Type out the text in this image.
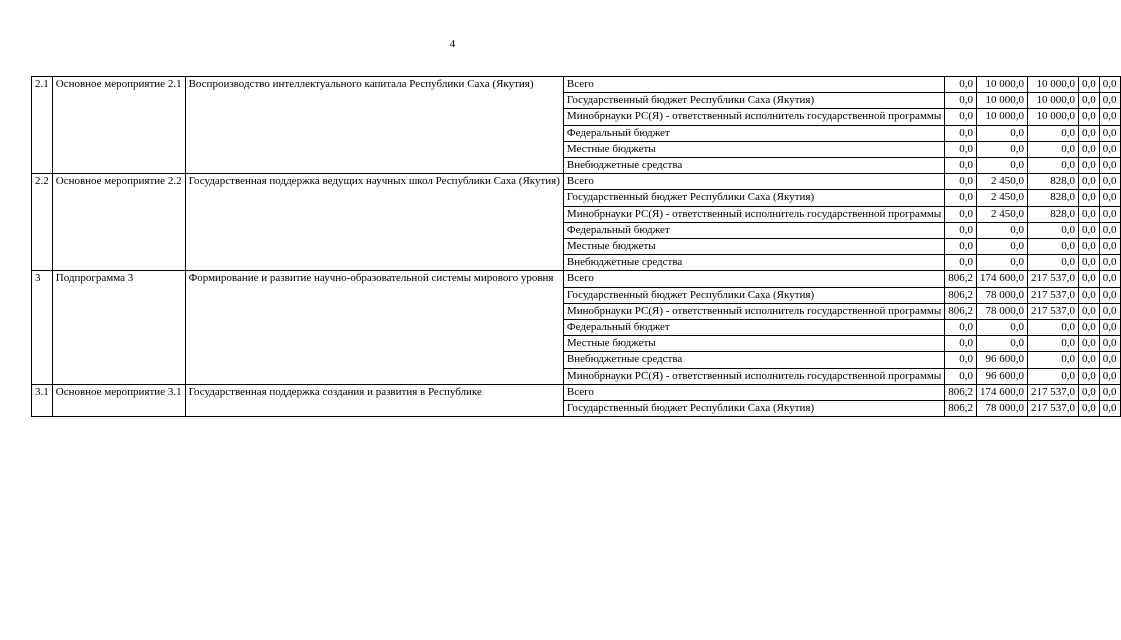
4
2.1	Основное мероприятие 2.1	Воспроизводство интеллектуального капитала Республики Саха (Якутия)	Всего	0,0	10 000,0	10 000,0	0,0	0,0
			Государственный бюджет Республики Саха (Якутия)	0,0	10 000,0	10 000,0	0,0	0,0
			Минобрнауки РС(Я) - ответственный исполнитель государственной программы	0,0	10 000,0	10 000,0	0,0	0,0
			Федеральный бюджет	0,0	0,0	0,0	0,0	0,0
			Местные бюджеты	0,0	0,0	0,0	0,0	0,0
			Внебюджетные средства	0,0	0,0	0,0	0,0	0,0
2.2	Основное мероприятие 2.2	Государственная поддержка ведущих научных школ Республики Саха (Якутия)	Всего	0,0	2 450,0	828,0	0,0	0,0
			Государственный бюджет Республики Саха (Якутия)	0,0	2 450,0	828,0	0,0	0,0
			Минобрнауки РС(Я) - ответственный исполнитель государственной программы	0,0	2 450,0	828,0	0,0	0,0
			Федеральный бюджет	0,0	0,0	0,0	0,0	0,0
			Местные бюджеты	0,0	0,0	0,0	0,0	0,0
			Внебюджетные средства	0,0	0,0	0,0	0,0	0,0
3	Подпрограмма 3	Формирование и развитие научно-образовательной системы мирового уровня	Всего	806,2	174 600,0	217 537,0	0,0	0,0
			Государственный бюджет Республики Саха (Якутия)	806,2	78 000,0	217 537,0	0,0	0,0
			Минобрнауки РС(Я) - ответственный исполнитель государственной программы	806,2	78 000,0	217 537,0	0,0	0,0
			Федеральный бюджет	0,0	0,0	0,0	0,0	0,0
			Местные бюджеты	0,0	0,0	0,0	0,0	0,0
			Внебюджетные средства	0,0	96 600,0	0,0	0,0	0,0
			Минобрнауки РС(Я) - ответственный исполнитель государственной программы	0,0	96 600,0	0,0	0,0	0,0
3.1	Основное мероприятие 3.1	Государственная поддержка создания и развития в Республике	Всего	806,2	174 600,0	217 537,0	0,0	0,0
			Государственный бюджет Республики Саха (Якутия)	806,2	78 000,0	217 537,0	0,0	0,0
